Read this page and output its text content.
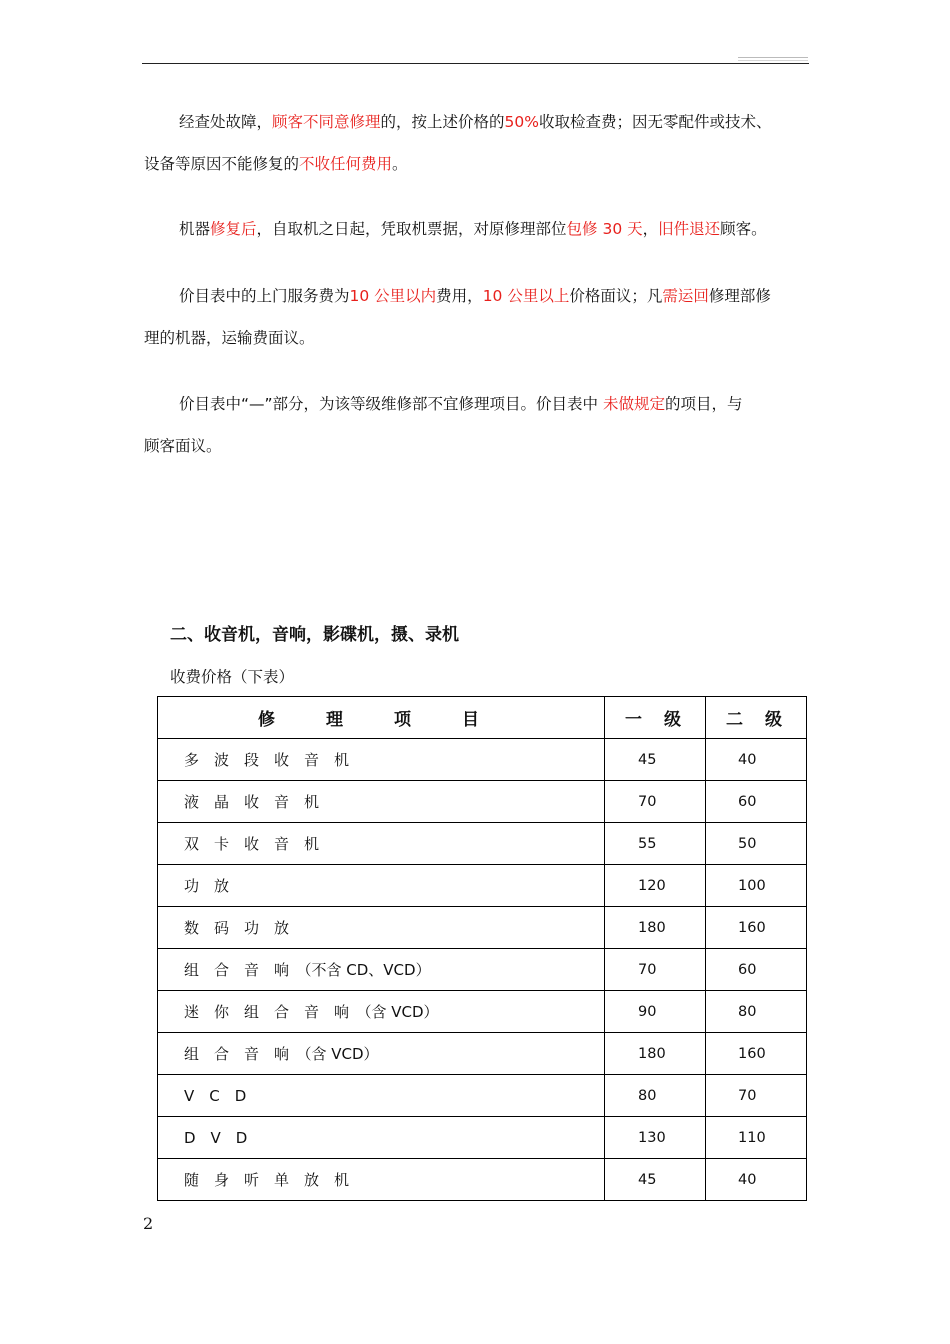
经查处故障，顾客不同意修理的，按上述价格的50%收取检查费；因无零配件或技术、
设备等原因不能修复的不收任何费用。
机器修复后，自取机之日起，凭取机票据，对原修理部位包修 30 天，旧件退还顾客。
价目表中的上门服务费为10 公里以内费用，10 公里以上价格面议；凡需运回修理部修
理的机器，运输费面议。
价目表中“—”部分，为该等级维修部不宜修理项目。价目表中 未做规定的项目，与
顾客面议。
二、收音机，音响，影碟机，摄、录机
收费价格（下表）
修 理 项 目	一 级	二 级

多　波　段　收　音　机	45	40
液　晶　收　音　机	70	60
双　卡　收　音　机	55	50
功　放	120	100
数　码　功　放	180	160
组　合　音　响　（不含 CD、VCD）	70	60
迷　你　组　合　音　响　（含 VCD）	90	80
组　合　音　响　（含 VCD）	180	160
V　C　D	80	70
D　V　D	130	110
随　身　听　单　放　机	45	40
2
